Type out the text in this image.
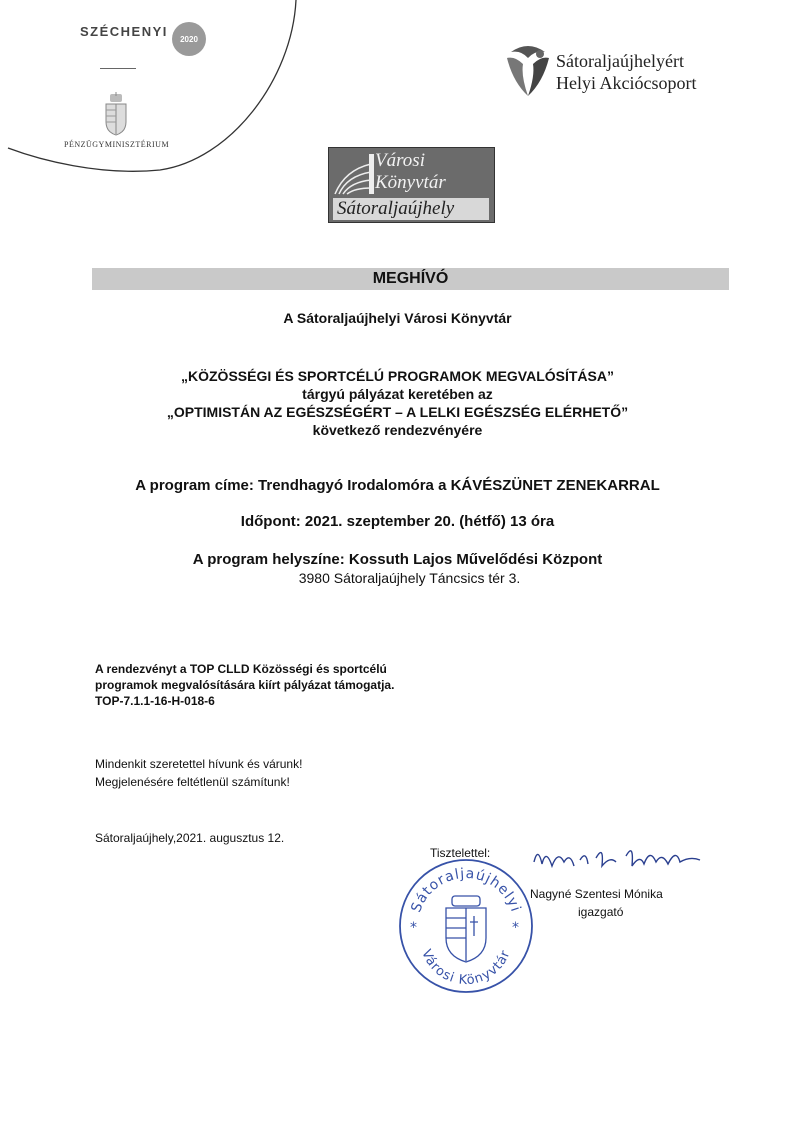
SZÉCHENYI 2020
PÉNZÜGYMINISZTÉRIUM
Sátoraljaújhelyért
Helyi Akciócsoport
Városi
Könyvtár
Sátoraljaújhely
MEGHÍVÓ
A Sátoraljaújhelyi Városi Könyvtár
„KÖZÖSSÉGI ÉS SPORTCÉLÚ PROGRAMOK MEGVALÓSÍTÁSA”
tárgyú pályázat keretében az
„OPTIMISTÁN AZ EGÉSZSÉGÉRT – A LELKI EGÉSZSÉG ELÉRHETŐ”
következő rendezvényére
A program címe: Trendhagyó Irodalomóra a KÁVÉSZÜNET ZENEKARRAL
Időpont: 2021. szeptember 20. (hétfő) 13 óra
A program helyszíne: Kossuth Lajos Művelődési Központ
3980 Sátoraljaújhely Táncsics tér 3.
A rendezvényt a TOP CLLD Közösségi és sportcélú
programok megvalósítására kiírt pályázat támogatja.
TOP-7.1.1-16-H-018-6
Mindenkit szeretettel hívunk és várunk!
Megjelenésére feltétlenül számítunk!
Sátoraljaújhely,2021. augusztus 12.
Tisztelettel:
Nagyné Szentesi Mónika
igazgató
Sátoraljaújhelyi
Városi Könyvtár
*	*
